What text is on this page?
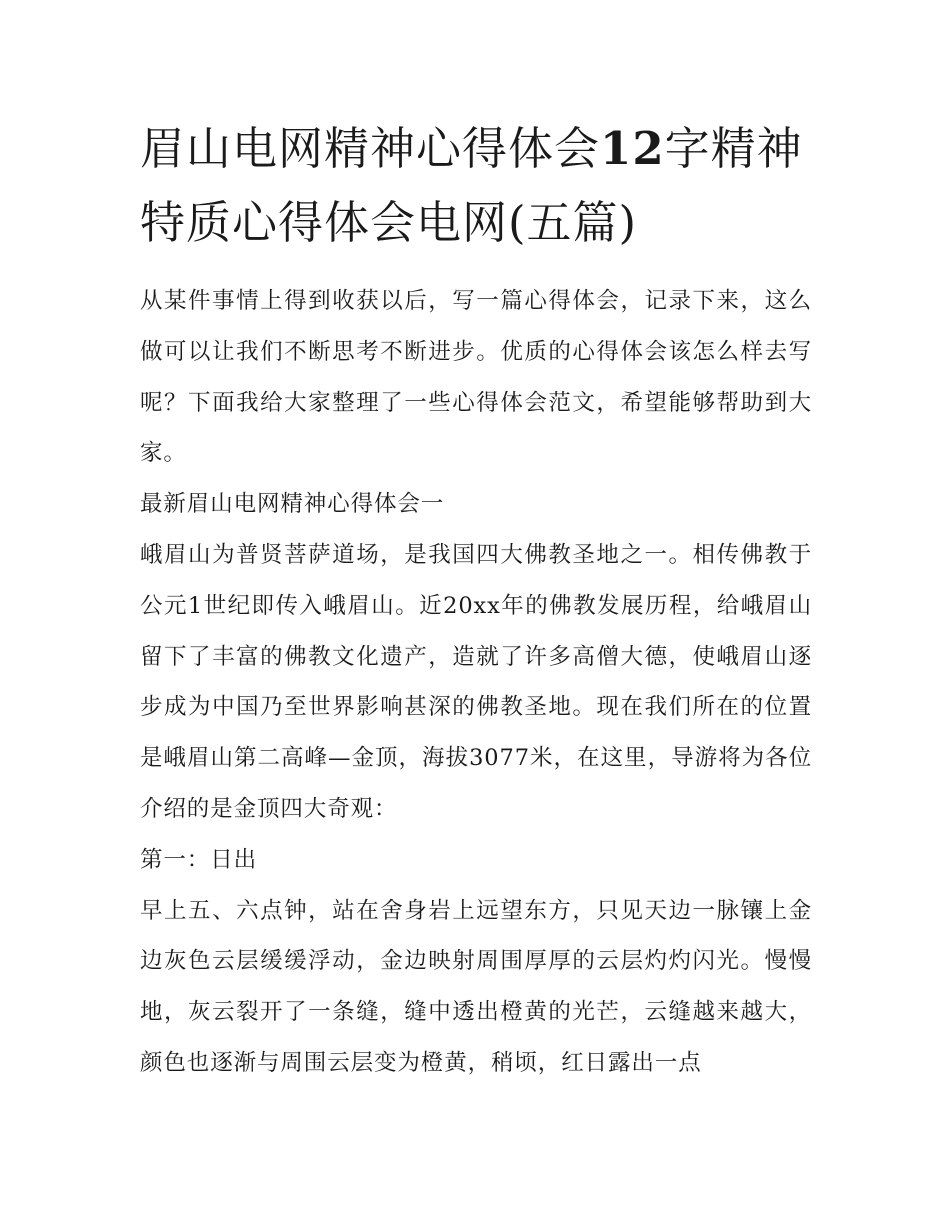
眉山电网精神心得体会12字精神特质心得体会电网(五篇)

从某件事情上得到收获以后，写一篇心得体会，记录下来，这么做可以让我们不断思考不断进步。优质的心得体会该怎么样去写呢？下面我给大家整理了一些心得体会范文，希望能够帮助到大家。

最新眉山电网精神心得体会一

峨眉山为普贤菩萨道场，是我国四大佛教圣地之一。相传佛教于公元1世纪即传入峨眉山。近20xx年的佛教发展历程，给峨眉山留下了丰富的佛教文化遗产，造就了许多高僧大德，使峨眉山逐步成为中国乃至世界影响甚深的佛教圣地。现在我们所在的位置是峨眉山第二高峰—金顶，海拔3077米，在这里，导游将为各位介绍的是金顶四大奇观：

第一：日出

早上五、六点钟，站在舍身岩上远望东方，只见天边一脉镶上金边灰色云层缓缓浮动，金边映射周围厚厚的云层灼灼闪光。慢慢地，灰云裂开了一条缝，缝中透出橙黄的光芒，云缝越来越大，颜色也逐渐与周围云层变为橙黄，稍顷，红日露出一点
